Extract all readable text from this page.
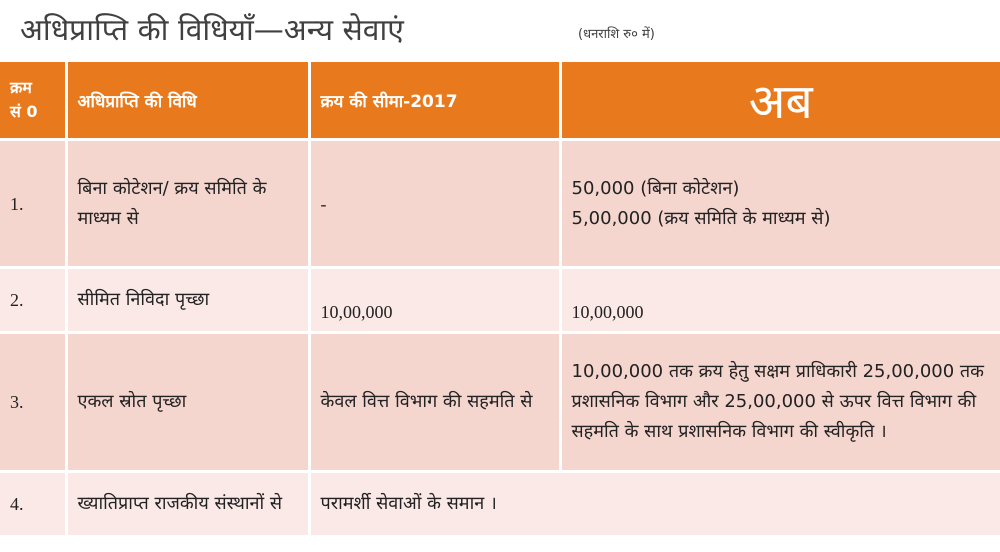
अधिप्राप्ति की विधियाँ—अन्य सेवाएं	(धनराशि रु० में)
क्रम
सं 0	अधिप्राप्ति की विधि	क्रय की सीमा-2017	अब
1.	बिना कोटेशन/ क्रय समिति के माध्यम से	-	50,000 (बिना कोटेशन)
5,00,000 (क्रय समिति के माध्यम से)

2.	सीमित निविदा पृच्छा	10,00,000	10,00,000
3.	एकल स्रोत पृच्छा	केवल वित्त विभाग की सहमति से	10,00,000 तक क्रय हेतु सक्षम प्राधिकारी 25,00,000 तक प्रशासनिक विभाग और 25,00,000 से ऊपर वित्त विभाग की सहमति के साथ प्रशासनिक विभाग की स्वीकृति ।
4.	ख्यातिप्राप्त राजकीय संस्थानों से	परामर्शी सेवाओं के समान ।	
